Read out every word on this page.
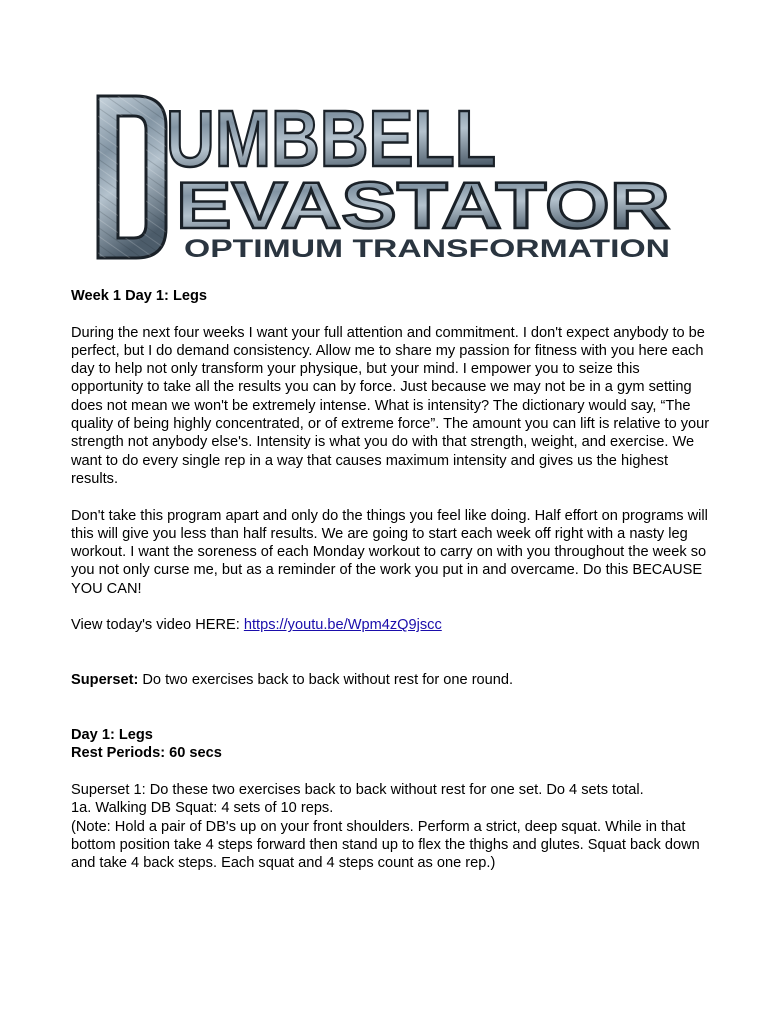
UMBBELL
EVASTATOR
OPTIMUM TRANSFORMATION

Week 1 Day 1: Legs

During the next four weeks I want your full attention and commitment. I don't expect anybody to be perfect, but I do demand consistency. Allow me to share my passion for fitness with you here each day to help not only transform your physique, but your mind. I empower you to seize this opportunity to take all the results you can by force. Just because we may not be in a gym setting does not mean we won't be extremely intense. What is intensity? The dictionary would say, “The quality of being highly concentrated, or of extreme force”. The amount you can lift is relative to your strength not anybody else's. Intensity is what you do with that strength, weight, and exercise. We want to do every single rep in a way that causes maximum intensity and gives us the highest results.

Don't take this program apart and only do the things you feel like doing. Half effort on programs will this will give you less than half results. We are going to start each week off right with a nasty leg workout. I want the soreness of each Monday workout to carry on with you throughout the week so you not only curse me, but as a reminder of the work you put in and overcame. Do this BECAUSE YOU CAN!

View today's video HERE: https://youtu.be/Wpm4zQ9jscc

Superset: Do two exercises back to back without rest for one round.

Day 1: Legs

Rest Periods: 60 secs

Superset 1: Do these two exercises back to back without rest for one set. Do 4 sets total.

1a. Walking DB Squat: 4 sets of 10 reps.

(Note: Hold a pair of DB's up on your front shoulders. Perform a strict, deep squat. While in that bottom position take 4 steps forward then stand up to flex the thighs and glutes. Squat back down and take 4 back steps. Each squat and 4 steps count as one rep.)
